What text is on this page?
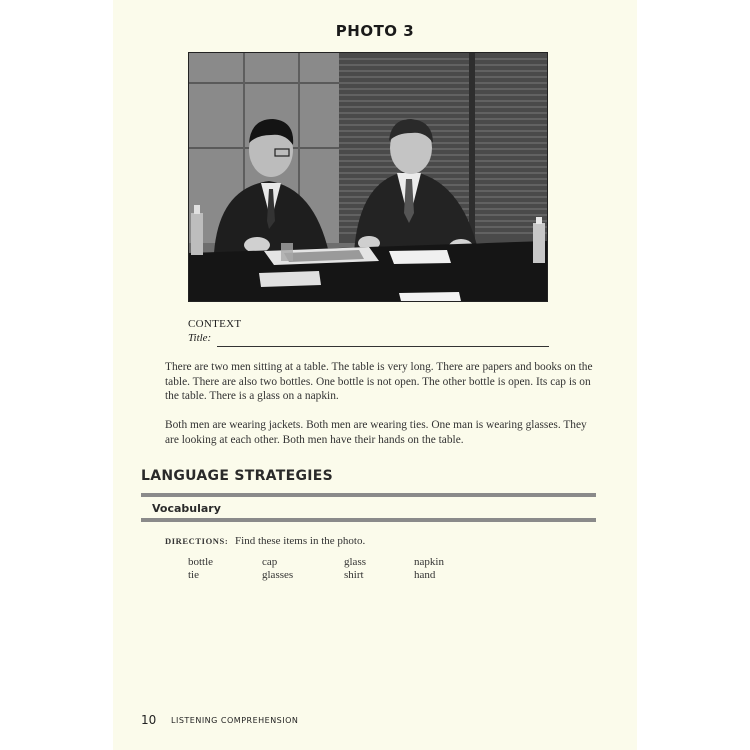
PHOTO 3
CONTEXT
Title:

There are two men sitting at a table. The table is very long. There are papers and books on the table. There are also two bottles. One bottle is not open. The other bottle is open. Its cap is on the table. There is a glass on a napkin.

Both men are wearing jackets. Both men are wearing ties. One man is wearing glasses. They are looking at each other. Both men have their hands on the table.

LANGUAGE STRATEGIES
Vocabulary
DIRECTIONS: Find these items in the photo.
bottle	cap	glass	napkin
tie	glasses	shirt	hand
10 LISTENING COMPREHENSION
